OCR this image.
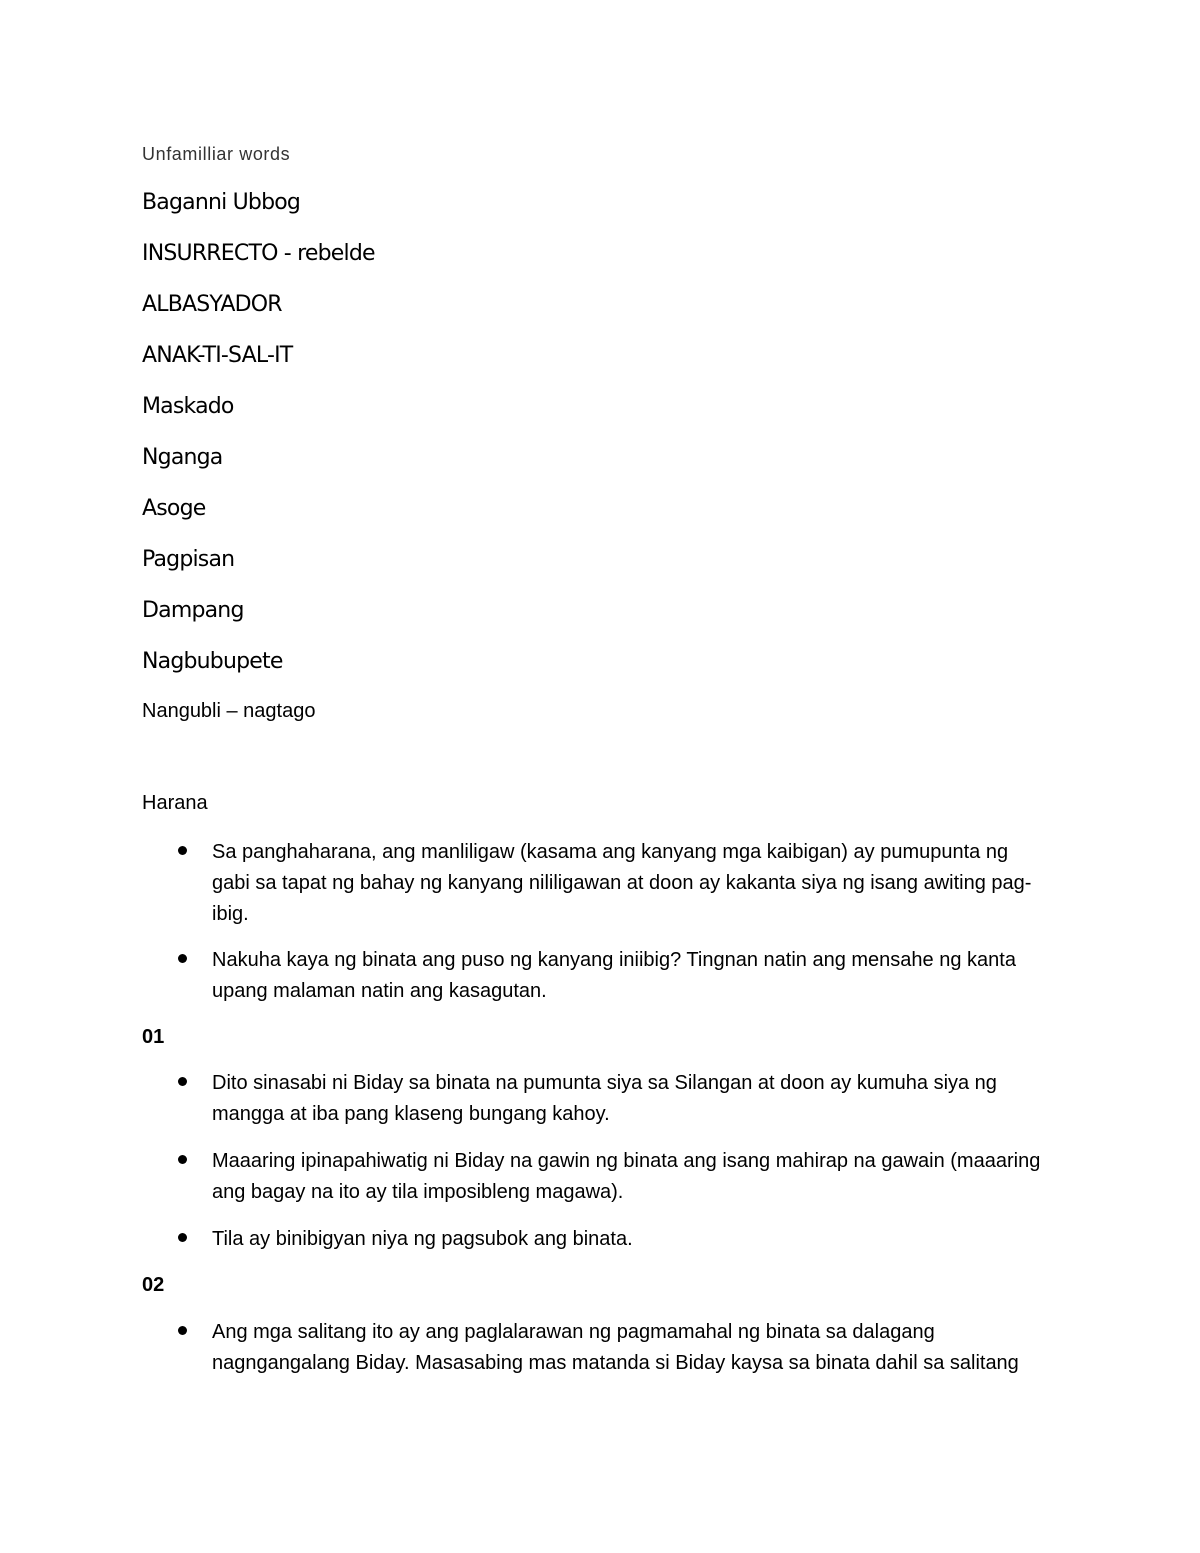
Unfamilliar words
Baganni Ubbog
INSURRECTO - rebelde
ALBASYADOR
ANAK-TI-SAL-IT
Maskado
Nganga
Asoge
Pagpisan
Dampang
Nagbubupete
Nangubli – nagtago
Harana
Sa panghaharana, ang manliligaw (kasama ang kanyang mga kaibigan) ay pumupunta ng gabi sa tapat ng bahay ng kanyang nililigawan at doon ay kakanta siya ng isang awiting pag-ibig.
Nakuha kaya ng binata ang puso ng kanyang iniibig? Tingnan natin ang mensahe ng kanta upang malaman natin ang kasagutan.
01
Dito sinasabi ni Biday sa binata na pumunta siya sa Silangan at doon ay kumuha siya ng mangga at iba pang klaseng bungang kahoy.
Maaaring ipinapahiwatig ni Biday na gawin ng binata ang isang mahirap na gawain (maaaring ang bagay na ito ay tila imposibleng magawa).
Tila ay binibigyan niya ng pagsubok ang binata.
02
Ang mga salitang ito ay ang paglalarawan ng pagmamahal ng binata sa dalagang nagngangalang Biday. Masasabing mas matanda si Biday kaysa sa binata dahil sa salitang
